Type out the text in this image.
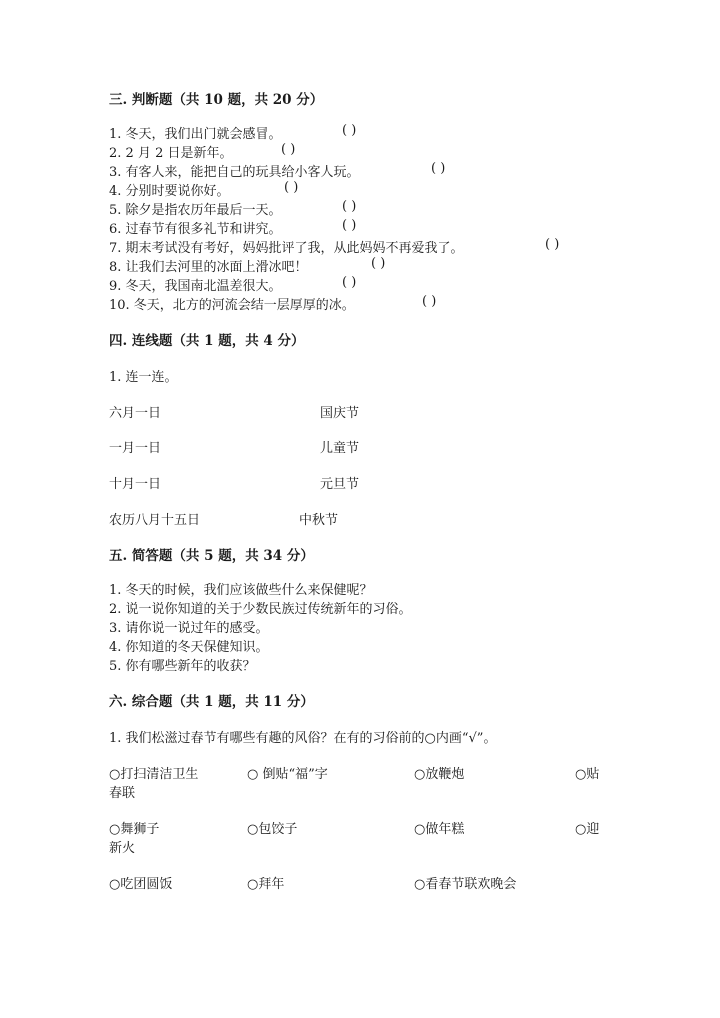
三. 判断题（共 10 题，共 20 分）
1. 冬天，我们出门就会感冒。	( )
2. 2 月 2 日是新年。	( )
3. 有客人来，能把自己的玩具给小客人玩。	( )
4. 分别时要说你好。	( )
5. 除夕是指农历年最后一天。	( )
6. 过春节有很多礼节和讲究。	( )
7. 期末考试没有考好，妈妈批评了我，从此妈妈不再爱我了。	( )
8. 让我们去河里的冰面上滑冰吧！	( )
9. 冬天，我国南北温差很大。	( )
10. 冬天，北方的河流会结一层厚厚的冰。	( )
四. 连线题（共 1 题，共 4 分）
1. 连一连。
六月一日	国庆节
一月一日	儿童节
十月一日	元旦节
农历八月十五日	中秋节
五. 简答题（共 5 题，共 34 分）
1. 冬天的时候，我们应该做些什么来保健呢？
2. 说一说你知道的关于少数民族过传统新年的习俗。
3. 请你说一说过年的感受。
4. 你知道的冬天保健知识。
5. 你有哪些新年的收获？
六. 综合题（共 1 题，共 11 分）
1. 我们松滋过春节有哪些有趣的风俗？在有的习俗前的○内画“√”。
○打扫清洁卫生	○ 倒贴“福”字	○放鞭炮	○贴
春联
○舞狮子	○包饺子	○做年糕	○迎
新火
○吃团圆饭	○拜年	○看春节联欢晚会
